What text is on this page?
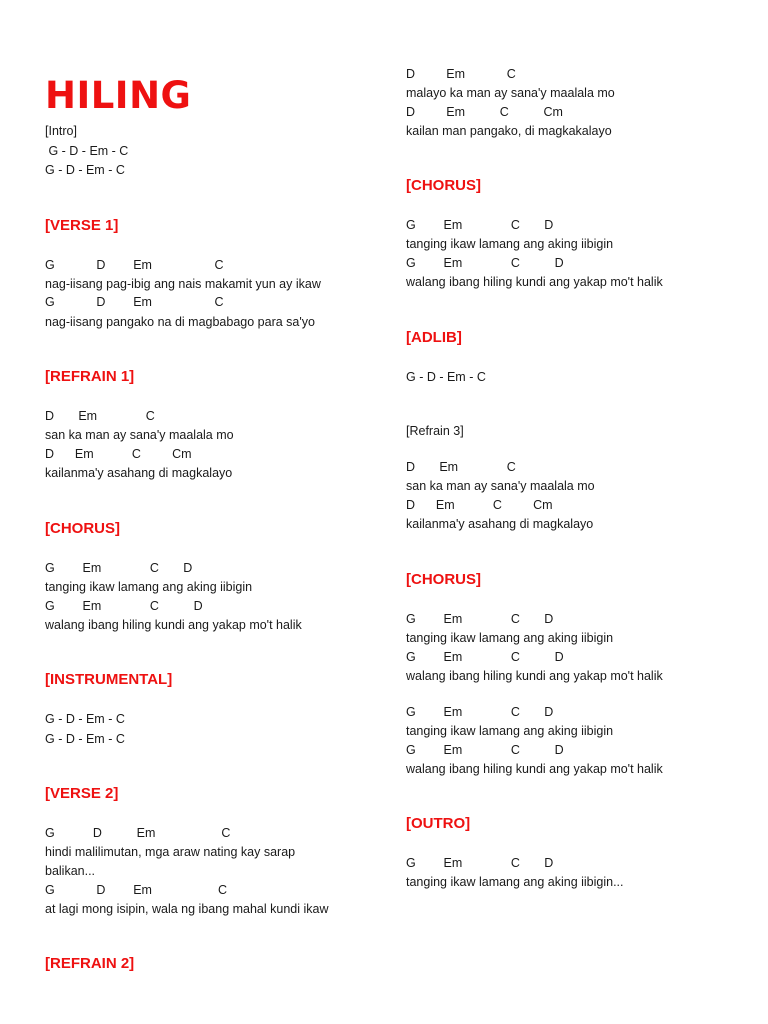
HILING
[Intro]
G - D - Em - C
G - D - Em - C
[VERSE 1]
G            D        Em                  C
nag-iisang pag-ibig ang nais makamit yun ay ikaw
G            D        Em                  C
nag-iisang pangako na di magbabago para sa'yo
[REFRAIN 1]
D       Em              C
san ka man ay sana'y maalala mo
D      Em           C         Cm
kailanma'y asahang di magkalayo
[CHORUS]
G        Em              C       D
tanging ikaw lamang ang aking iibigin
G        Em              C          D
walang ibang hiling kundi ang yakap mo't halik
[INSTRUMENTAL]
G - D - Em - C
G - D - Em - C
[VERSE 2]
G           D          Em                   C
hindi malilimutan, mga araw nating kay sarap
balikan...
G            D        Em                   C
at lagi mong isipin, wala ng ibang mahal kundi ikaw
[REFRAIN 2]
D         Em            C
malayo ka man ay sana'y maalala mo
D         Em          C          Cm
kailan man pangako, di magkakalayo
[CHORUS]
G        Em              C       D
tanging ikaw lamang ang aking iibigin
G        Em              C          D
walang ibang hiling kundi ang yakap mo't halik
[ADLIB]
G - D - Em - C
[Refrain 3]
D       Em              C
san ka man ay sana'y maalala mo
D      Em           C         Cm
kailanma'y asahang di magkalayo
[CHORUS]
G        Em              C       D
tanging ikaw lamang ang aking iibigin
G        Em              C          D
walang ibang hiling kundi ang yakap mo't halik
G        Em              C       D
tanging ikaw lamang ang aking iibigin
G        Em              C          D
walang ibang hiling kundi ang yakap mo't halik
[OUTRO]
G        Em              C       D
tanging ikaw lamang ang aking iibigin...
